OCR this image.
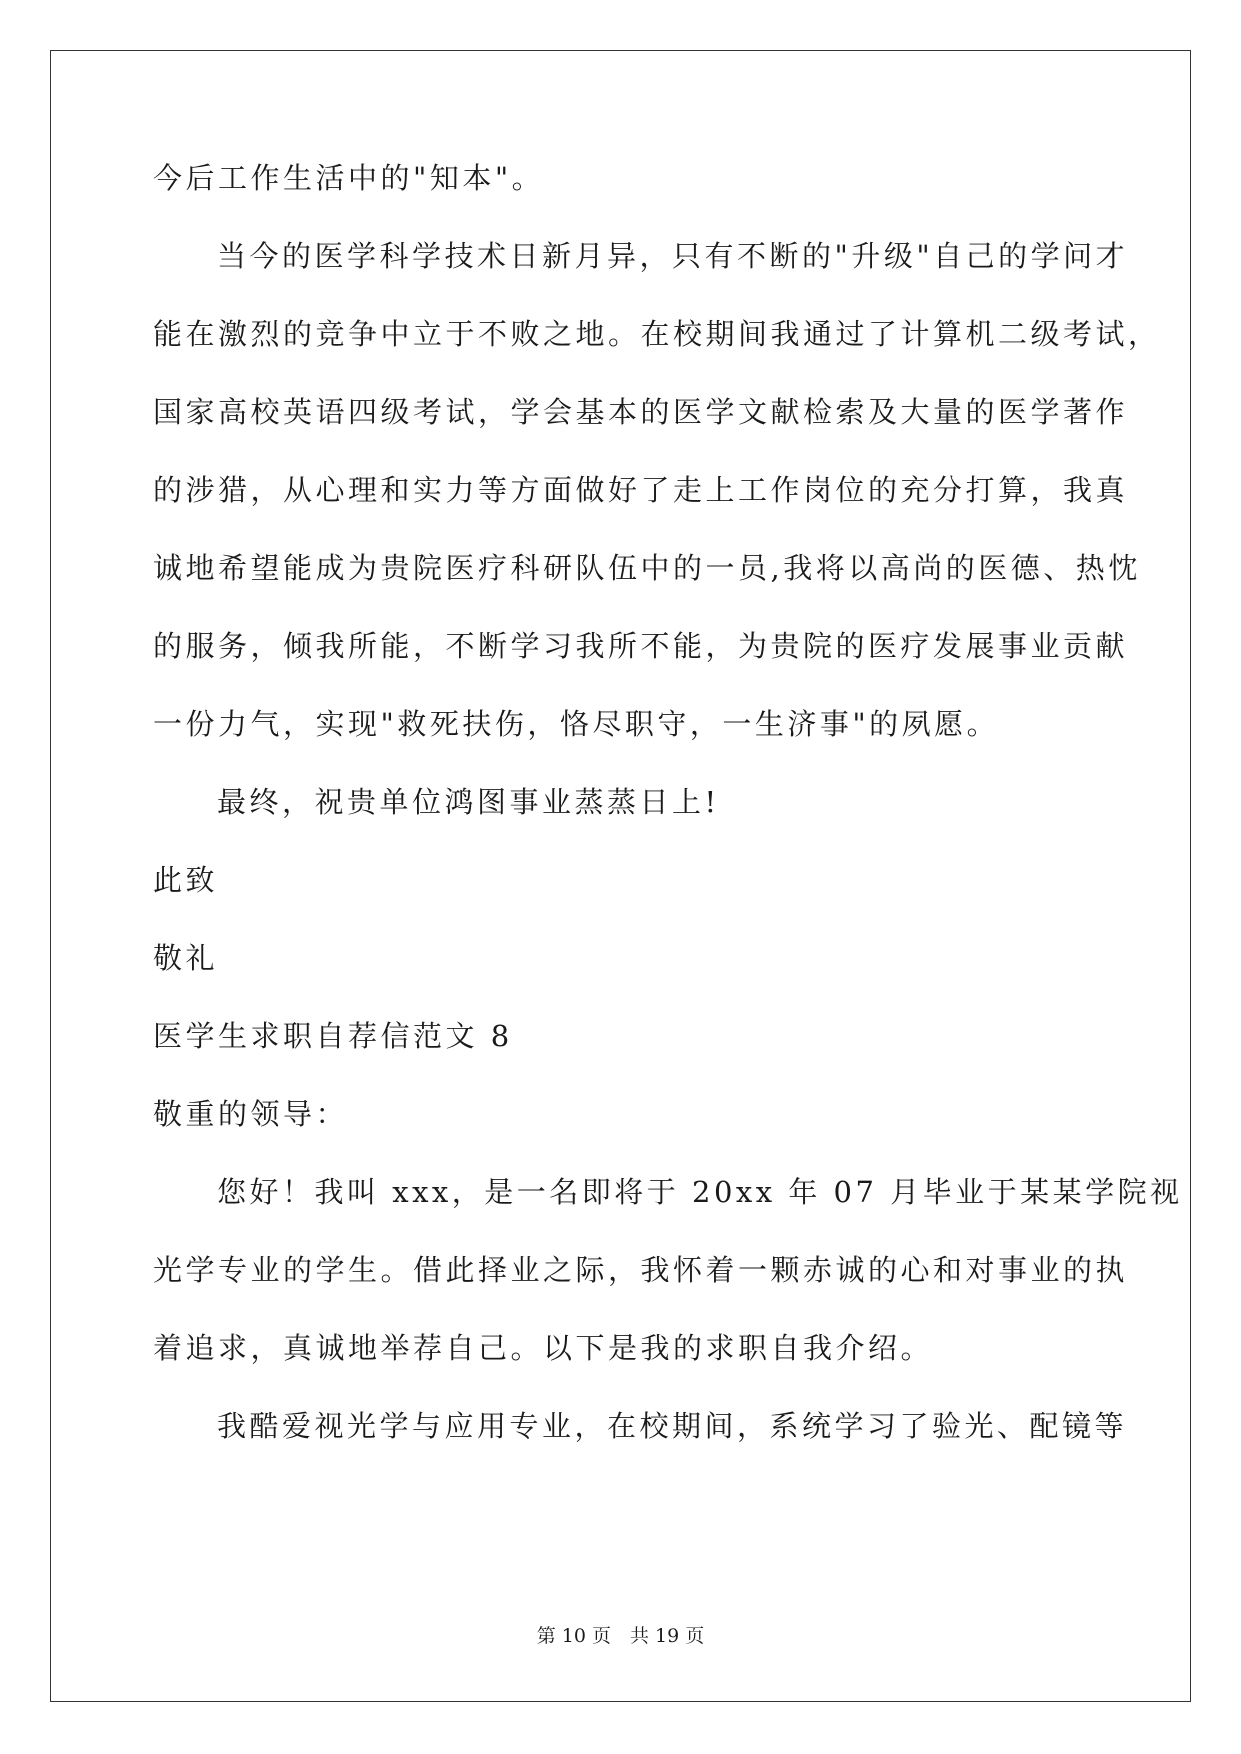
今后工作生活中的"知本"。
当今的医学科学技术日新月异，只有不断的"升级"自己的学问才
能在激烈的竞争中立于不败之地。在校期间我通过了计算机二级考试，
国家高校英语四级考试，学会基本的医学文献检索及大量的医学著作
的涉猎，从心理和实力等方面做好了走上工作岗位的充分打算，我真
诚地希望能成为贵院医疗科研队伍中的一员,我将以高尚的医德、热忱
的服务，倾我所能，不断学习我所不能，为贵院的医疗发展事业贡献
一份力气，实现"救死扶伤，恪尽职守，一生济事"的夙愿。
最终，祝贵单位鸿图事业蒸蒸日上!
此致
敬礼
医学生求职自荐信范文 8
敬重的领导：
您好！我叫 xxx，是一名即将于 20xx 年 07 月毕业于某某学院视
光学专业的学生。借此择业之际，我怀着一颗赤诚的心和对事业的执
着追求，真诚地举荐自己。以下是我的求职自我介绍。
我酷爱视光学与应用专业，在校期间，系统学习了验光、配镜等
第 10 页　共 19 页
